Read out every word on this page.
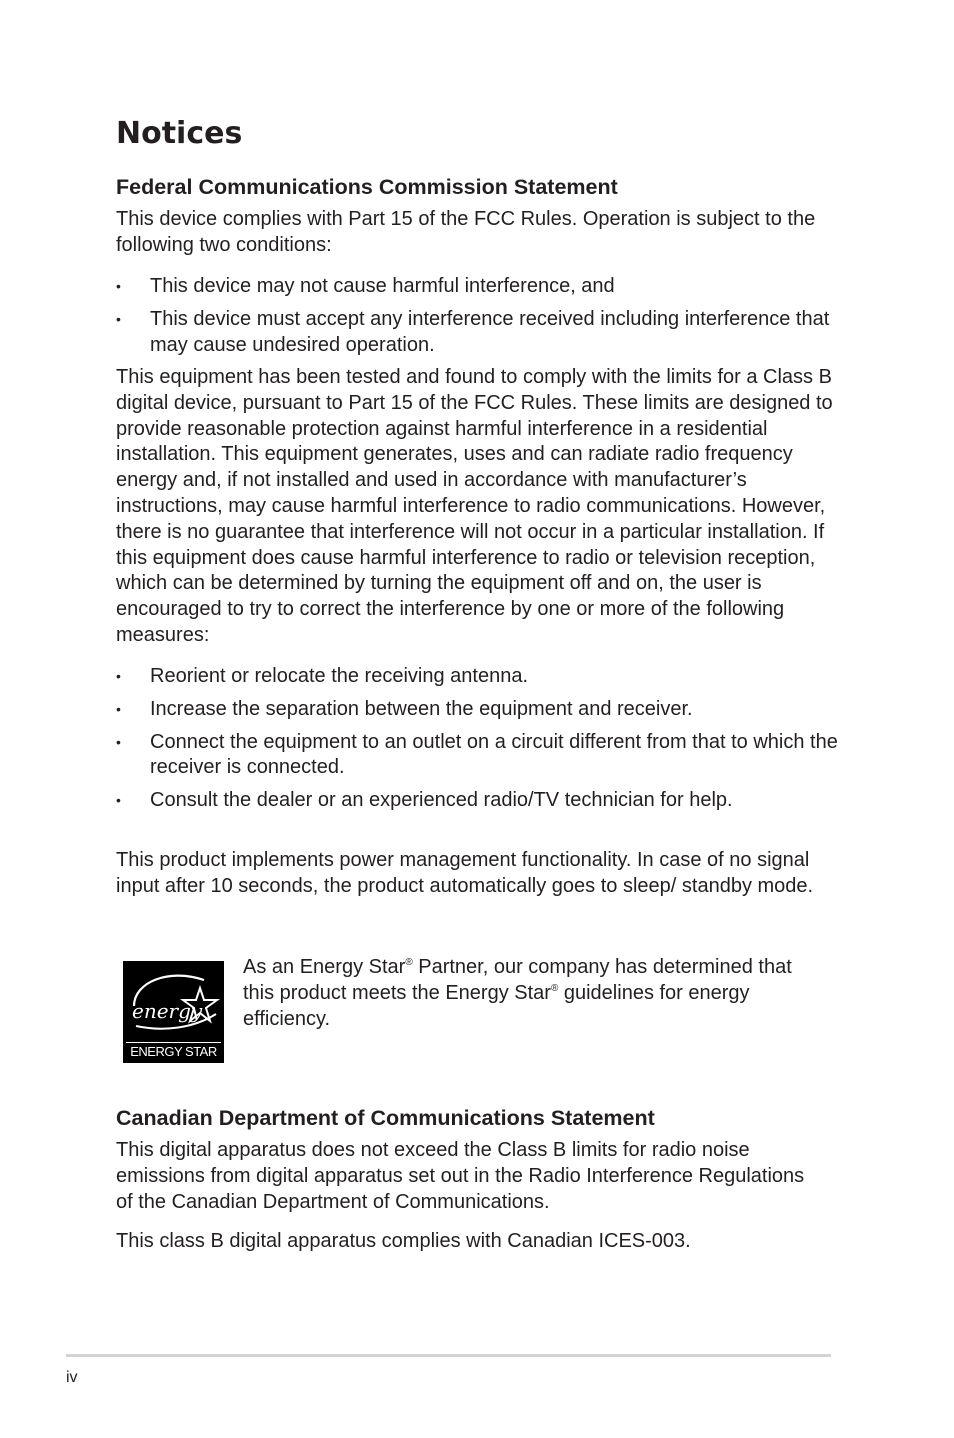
Notices
Federal Communications Commission Statement

This device complies with Part 15 of the FCC Rules. Operation is subject to the following two conditions:

• This device may not cause harmful interference, and
• This device must accept any interference received including interference that may cause undesired operation.

This equipment has been tested and found to comply with the limits for a Class B digital device, pursuant to Part 15 of the FCC Rules. These limits are designed to provide reasonable protection against harmful interference in a residential installation. This equipment generates, uses and can radiate radio frequency energy and, if not installed and used in accordance with manufacturer’s instructions, may cause harmful interference to radio communications. However, there is no guarantee that interference will not occur in a particular installation. If this equipment does cause harmful interference to radio or television reception, which can be determined by turning the equipment off and on, the user is encouraged to try to correct the interference by one or more of the following measures:

• Reorient or relocate the receiving antenna.
• Increase the separation between the equipment and receiver.
• Connect the equipment to an outlet on a circuit different from that to which the receiver is connected.
• Consult the dealer or an experienced radio/TV technician for help.

This product implements power management functionality. In case of no signal input after 10 seconds, the product automatically goes to sleep/ standby mode.

energy
ENERGY STAR

As an Energy Star® Partner, our company has determined that this product meets the Energy Star® guidelines for energy efficiency.

Canadian Department of Communications Statement

This digital apparatus does not exceed the Class B limits for radio noise emissions from digital apparatus set out in the Radio Interference Regulations of the Canadian Department of Communications.

This class B digital apparatus complies with Canadian ICES-003.

iv
